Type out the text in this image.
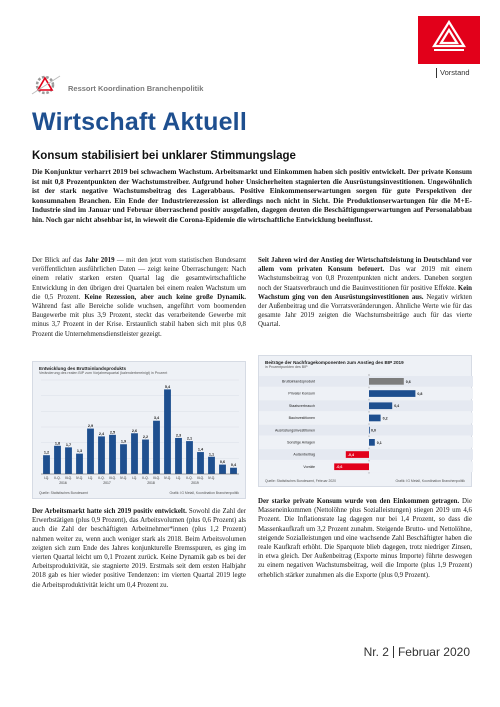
Vorstand
Ressort Koordination Branchenpolitik
Wirtschaft Aktuell
Konsum stabilisiert bei unklarer Stimmungslage

Die Konjunktur verharrt 2019 bei schwachem Wachstum. Arbeitsmarkt und Einkommen haben sich positiv entwickelt. Der private Konsum ist mit 0,8 Prozentpunkten der Wachstumstreiber. Aufgrund hoher Unsicherheiten stagnierten die Ausrüstungsinvestitionen. Ungewöhnlich ist der stark negative Wachstumsbeitrag des Lagerabbaus. Positive Einkommenserwartungen sorgen für gute Perspektiven der konsumnahen Branchen. Ein Ende der Industrierezession ist allerdings noch nicht in Sicht. Die Produktionserwartungen für die M+E-Industrie sind im Januar und Februar überraschend positiv ausgefallen, dagegen deuten die Beschäftigungserwartungen auf Personalabbau hin. Noch gar nicht absehbar ist, in wieweit die Corona-Epidemie die wirtschaftliche Entwicklung beeinflusst.

Der Blick auf das Jahr 2019 — mit den jetzt vom statistischen Bundesamt veröffentlichten ausführlichen Daten — zeigt keine Überraschungen: Nach einem relativ starken ersten Quartal lag die gesamtwirtschaftliche Entwicklung in den übrigen drei Quartalen bei einem realen Wachstum um die 0,5 Prozent. Keine Rezession, aber auch keine große Dynamik. Während fast alle Bereiche solide wuchsen, angeführt vom boomenden Baugewerbe mit plus 3,9 Prozent, steckt das verarbeitende Gewerbe mit minus 3,7 Prozent in der Krise. Erstaunlich stabil haben sich mit plus 0,8 Prozent die Unternehmensdienstleister gezeigt.

Seit Jahren wird der Anstieg der Wirtschaftsleistung in Deutschland vor allem vom privaten Konsum befeuert. Das war 2019 mit einem Wachstumsbeitrag von 0,8 Prozentpunkten nicht anders. Daneben sorgten noch der Staatsverbrauch und die Bauinvestitionen für positive Effekte. Kein Wachstum ging von den Ausrüstungsinvestitionen aus. Negativ wirkten der Außenbeitrag und die Vorratsveränderungen. Ähnliche Werte wie für das gesamte Jahr 2019 zeigten die Wachstumsbeiträge auch für das vierte Quartal.

Entwicklung des Bruttoinlandsprodukts
Veränderung des realen BIP zum Vorjahresquartal (kalenderbereinigt) in Prozent
1,2
1,8 1,7
1,3
2,9
2,4 2,5
1,9
2,6
2,2
3,4
5,4
2,3
2,1
1,4
1,1
0,6
0,4
I-Q. II-Q. III-Q. IV-Q. I-Q. II-Q. III-Q. IV-Q. I-Q. II-Q. III-Q. IV-Q. I-Q. II-Q. III-Q. IV-Q.
2016	2017	2018	2019
Quelle: Statistisches Bundesamt	Grafik: IG Metall, Koordination Branchenpolitik
Beiträge der Nachfragekomponenten zum Anstieg des BIP 2019
in Prozentpunkten des BIP
Bruttoinlandsprodukt	0,6
Privater Konsum	0,8
Staatsverbrauch	0,4
Bauinvestitionen	0,2
Ausrüstungsinvestitionen	0,0
Sonstige Anlagen	0,1
Außenbeitrag	-0,4
Vorräte	-0,6
Quelle: Statistisches Bundesamt, Februar 2020	Grafik: IG Metall, Koordination Branchenpolitik

Der Arbeitsmarkt hatte sich 2019 positiv entwickelt. Sowohl die Zahl der Erwerbstätigen (plus 0,9 Prozent), das Arbeitsvolumen (plus 0,6 Prozent) als auch die Zahl der beschäftigten Arbeitnehmer*innen (plus 1,2 Prozent) nahmen weiter zu, wenn auch weniger stark als 2018. Beim Arbeitsvolumen zeigten sich zum Ende des Jahres konjunkturelle Bremsspuren, es ging im vierten Quartal leicht um 0,1 Prozent zurück. Keine Dynamik gab es bei der Arbeitsproduktivität, sie stagnierte 2019. Erstmals seit dem ersten Halbjahr 2018 gab es hier wieder positive Tendenzen: im vierten Quartal 2019 legte die Arbeitsproduktivität leicht um 0,4 Prozent zu.

Der starke private Konsum wurde von den Einkommen getragen. Die Masseneinkommen (Nettolöhne plus Sozialleistungen) stiegen 2019 um 4,6 Prozent. Die Inflationsrate lag dagegen nur bei 1,4 Prozent, so dass die Massenkaufkraft um 3,2 Prozent zunahm. Steigende Brutto- und Nettolöhne, steigende Sozialleistungen und eine wachsende Zahl Beschäftigter haben die reale Kaufkraft erhöht. Die Sparquote blieb dagegen, trotz niedriger Zinsen, in etwa gleich. Der Außenbeitrag (Exporte minus Importe) führte deswegen zu einem negativen Wachstumsbeitrag, weil die Importe (plus 1,9 Prozent) erheblich stärker zunahmen als die Exporte (plus 0,9 Prozent).

Nr. 2 Februar 2020
